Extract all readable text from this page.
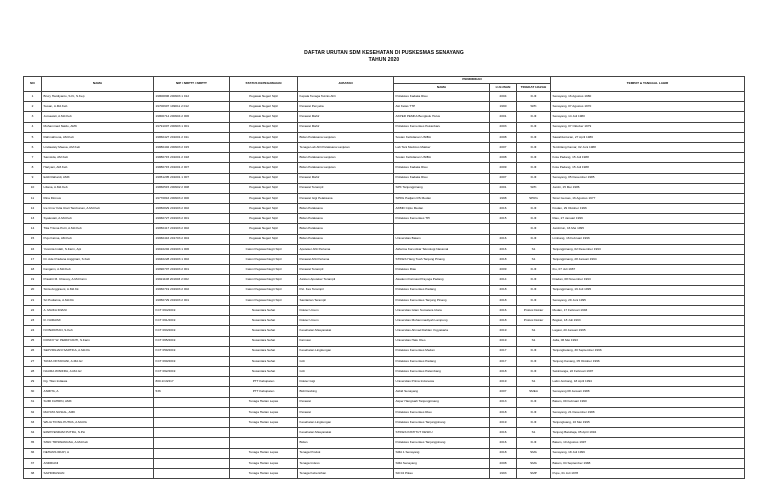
DAFTAR URUTAN SDM KESEHATAN DI PUSKESMAS SENAYANG
TAHUN 2020
NO	NAMA	NIP / NRPTT / NRPTT	STATUS KEPEGAWAIAN	JABATAN	PENDIDIKAN			TEMPAT & TANGGAL LAHIR
					NAMA	LULUSAN	TINGKAT IJAZAH	
1	Brury Hardiyanto, S.Kt, S.Kep	19800806 200903 1 012	Pegawai Negeri Sipil	Kepala Tenaga Teknis Ahli	Poltekkes Kadaka Riau	2004	D-III	Senayang, 16 Agustus 1980
2	Susan, A.Md.Keb	19700907 199011 2 012	Pegawai Negeri Sipil	Perawat Penyelia	Akt Kelas TTP	1990	SPK	Senayang, 07 Agustus 1970
3	Jumawati, A.Md.Keb	19800714 200904 2 006	Pegawai Negeri Sipil	Perawat Mahir	AKPER PEMKA Bengkulu Hulus	2001	D-III	Senayang, 14 Juli 1980
4	Muhammad Naldo, AMK	19791007 200903 1 001	Pegawai Negeri Sipil	Perawat Mahir	Poltekkes Kemenkes Pekanbaru	2003	D-III	Senayang, 07 Oktober 1979
5	Rahmahrena, AM.Keb	19860427 201001 2 011	Pegawai Negeri Sipil	Bidan Pelaksana Lanjutan	Sosian Kebidanan UNIBA	2008	D-III	Sawahlunturan, 27 April 1986
6	Lindawaty Maesa, AM.Keb	19880402 200903 2 015	Pegawai Negeri Sipil	Tenaga Lab Ahli Pelaksana Lanjutan	Lab Tani Medicus Makker	2007	D-III	Tembilang Kamar, 02 Juni 1988
7	Samsida, AM.Keb	19880715 201001 2 018	Pegawai Negeri Sipil	Bidan Pelaksana Lanjutan	Sosian Kebidanan UNIBA	2008	D-III	Kota Padang, 15 Juli 1988
8	Hariyani, AM.Keb	19880715 201001 2 007	Pegawai Negeri Sipil	Bidan Pelaksana Lanjutan	Poltekkes Kadaka Riau	2009	D-III	Kota Padang, 15 Juli 1988
9	Eddi Rahardi, AMK	19951205 201001 1 007	Pegawai Negeri Sipil	Perawat Mahir	Poltekkes Kadaka Riau	2007	D-III	Senayang, 05 Desember 1985
10	Liliana, A.Md.Keb	19860515 200902 2 008	Pegawai Negeri Sipil	Perawat Terampil	SPK Tanjungpinang	2001	SPK	Jambi, 15 Mei 1986
11	Rina Dimsus	19770816 200903 2 000	Pegawai Negeri Sipil	Perawat Gigi Pelaksana	SPRG Padjam RS Medan	1998	SPRG	Sinar Gemas, 16 Agustus 1977
12	Ice Irma Yulia Utari Tambunan, A.Md.Keb	19950829 201903 2 002	Pegawai Negeri Sipil	Bidan Pelaksana	AKBID Cipto Medan	2016	D-III	Kisdan, 29 Oktober 1996
13	Syalesiati, A.Md.Keb	19960727 201903 2 001	Pegawai Negeri Sipil	Bidan Pelaksana	Poltekkes Kemenkes TPI	2015	D-III	Riau, 27 Januari 1996
14	Tika Trisma Putri, A.Md.Keb	19950417 201903 2 002	Pegawai Negeri Sipil	Bidan Pelaksana			D-III	Jambirun, 16 Mei 1995
15	Pujo Fatma, AM.Keb	19960416 201703 2 004	Pegawai Negeri Sipil	Bidan Pelaksana	Universitas Batam	2016	D-III	Limbang, 16 Februari 1996
16	Yusmita Indah, S.Farm, Apt	19910202 201903 1 006	Calon Pegawai Negri Sipil	Apoteker Ahli Pertama	Akfarma Karu Akar Teknologi Nasional	2016	S1	Tanjungpinang, 02 Desember 1993
17	Dr. Ade Pradana Anggriani, S.Keb	19940228 201903 1 002	Calon Pegawai Negri Sipil	Perawat Ahli Pertama	STIKES Hang Tuah Tanjung Pinang	2018	S1	Tanjungpinang, 28 Januari 1994
18	Fangaim, A.Md.Keb	19990707 201903 2 001	Calon Pegawai Negri Sipil	Perawat Terampil	Poltekkes Riau	2009	D-III	Ihu, 07 Juli 1987
19	Prawitri M. Chiesoy, A.Md Farm	19921108 201903 2 002	Calon Pegawai Negri Sipil	Asisten Apoteker Terampil	Akademi Farmasi Prayoga Padang	2014	D-III	Dradan, 08 November 1993
20	Sinta Anggraeni, A.Md.Kk	19960719 201903 2 002	Calon Pegawai Negri Sipil	Pel. Kes Terampil	Poltekkes Kemenkes Padang	2018	D-III	Tanjungpinang, 19 Juli 1995
21	Sri Pudiarna, A.Md.Kk	19950729 201903 2 001	Calon Pegawai Negri Sipil	Sanitarian Terampil	Poltekkes Kemenkes Tanjung Pinang	2018	D-III	Senayang, 29 Juni 1995
22	A. MAIKA IRIANI	KCT 064/2019	Nusantara Sehat	Dokter Umum	Universitas Islam Sumatera Utara	2016	Profesi Dokter	Medan, 17 Februari 1993
23	R. NURAIMI	KCT 061/2019	Nusantara Sehat	Dokter Umum	Universitas Muhammadiyah Lampung	2018	Profesi Dokter	Bogket, 18 Juli 1993
24	NI PERCHAN, S.Keh	KCT 063/2019	Nusantara Sehat	Kesehatan Masyarakat	Universitas Ahmad Dahlan Yogyakarta	2019	S1	Lagasi, 20 Januari 1995
25	DONNY W. PERDIYANTI, S.Farm	KCT 065/2019	Nusantara Sehat	Farmasi	Universitas Halu Oleo	2019	S1	Jafia, 06 Mei 1993
26	SEPVIRLIANI SARTIKA, A.Md.Kk	KCT 059/2019	Nusantara Sehat	Kesehatan Lingkungan	Poltekkes Kemenkes Medan	2017	D-III	Tanjungbelang, 30 September 1996
27	TANIA OKTAVIANI, A.Md.Gz	KCT 060/2019	Nusantara Sehat	Gizi	Poltekkes Kemenkes Padang	2017	D-III	Tanjung Kanang, 05 Oktober 1996
28	NAURA WINIFRA, A.Md.Gz	KCT 062/2019	Nusantara Sehat	Gizi	Poltekkes Kemenkes Palembang	2018	D-III	Sekintanga, 22 Februari 1997
29	Dg. Tilan Indiawa	800.1/13/417	PTT Kabupaten	Dokter Gigi	Universitas Prima Indonesia	2019	S1	Lalim Ambang, 18 April 1994
30	ASMITA, A	536	PTT Kabupaten	Bidi Desbing	Akbid Senayang	2007	SMEA	Senayang 08 Januari 1988
31	SUMI FAHRIN, AMK		Tenaga Harian Lepas	Perawat	Akper Hangtuah Tanjungpinang	2013	D-III	Batam, 09 Februari 1990
32	MAYATA SUSIAL, AMK		Tenaga Harian Lepas	Perawat	Poltekkes Kemenkes Riau	2018	D-III	Senayang, 21 Desember 1988
33	WILIA TIONG PUTRA, A.Md.Kk		Tenaga Harian Lepas	Kesehatan Lingkungan	Poltekkes Kemenkes Tanjungpinang	2019	D-III	Tanjungluang, 16 Mei 1995
34	ERWIYENDAM PUTRA, S.Psi			Kesehatan Masyarakat	STIKES INSTITUT KESKU	2016	S1	Tanjung Batubaja, 05 April 1994
35	SISKI TRISWANGSA, A.Md.Keb			Bidan	Poltekkes Kemenkes Tanjungpinang	2016	D-III	Batam, 10 Agustus 1997
36	NEHANS IRIAH, A		Tenaga Harian Lepas	Tenaga Produk	SMA 1 Senayang	2018	SMA	Senayang, 18 Juli 1999
37	ANDRIANI		Tenaga Harian Lepas	Tenaga Indexs	SMA Senayang	2008	SMA	Batam, 04 September 1988
38	SAPDIRASIAN		Tenaga Harian Lepas	Tenaga Kebersihan	SD 04 Pikau	1993	SMP	Pupe, 01 Juli 1978
